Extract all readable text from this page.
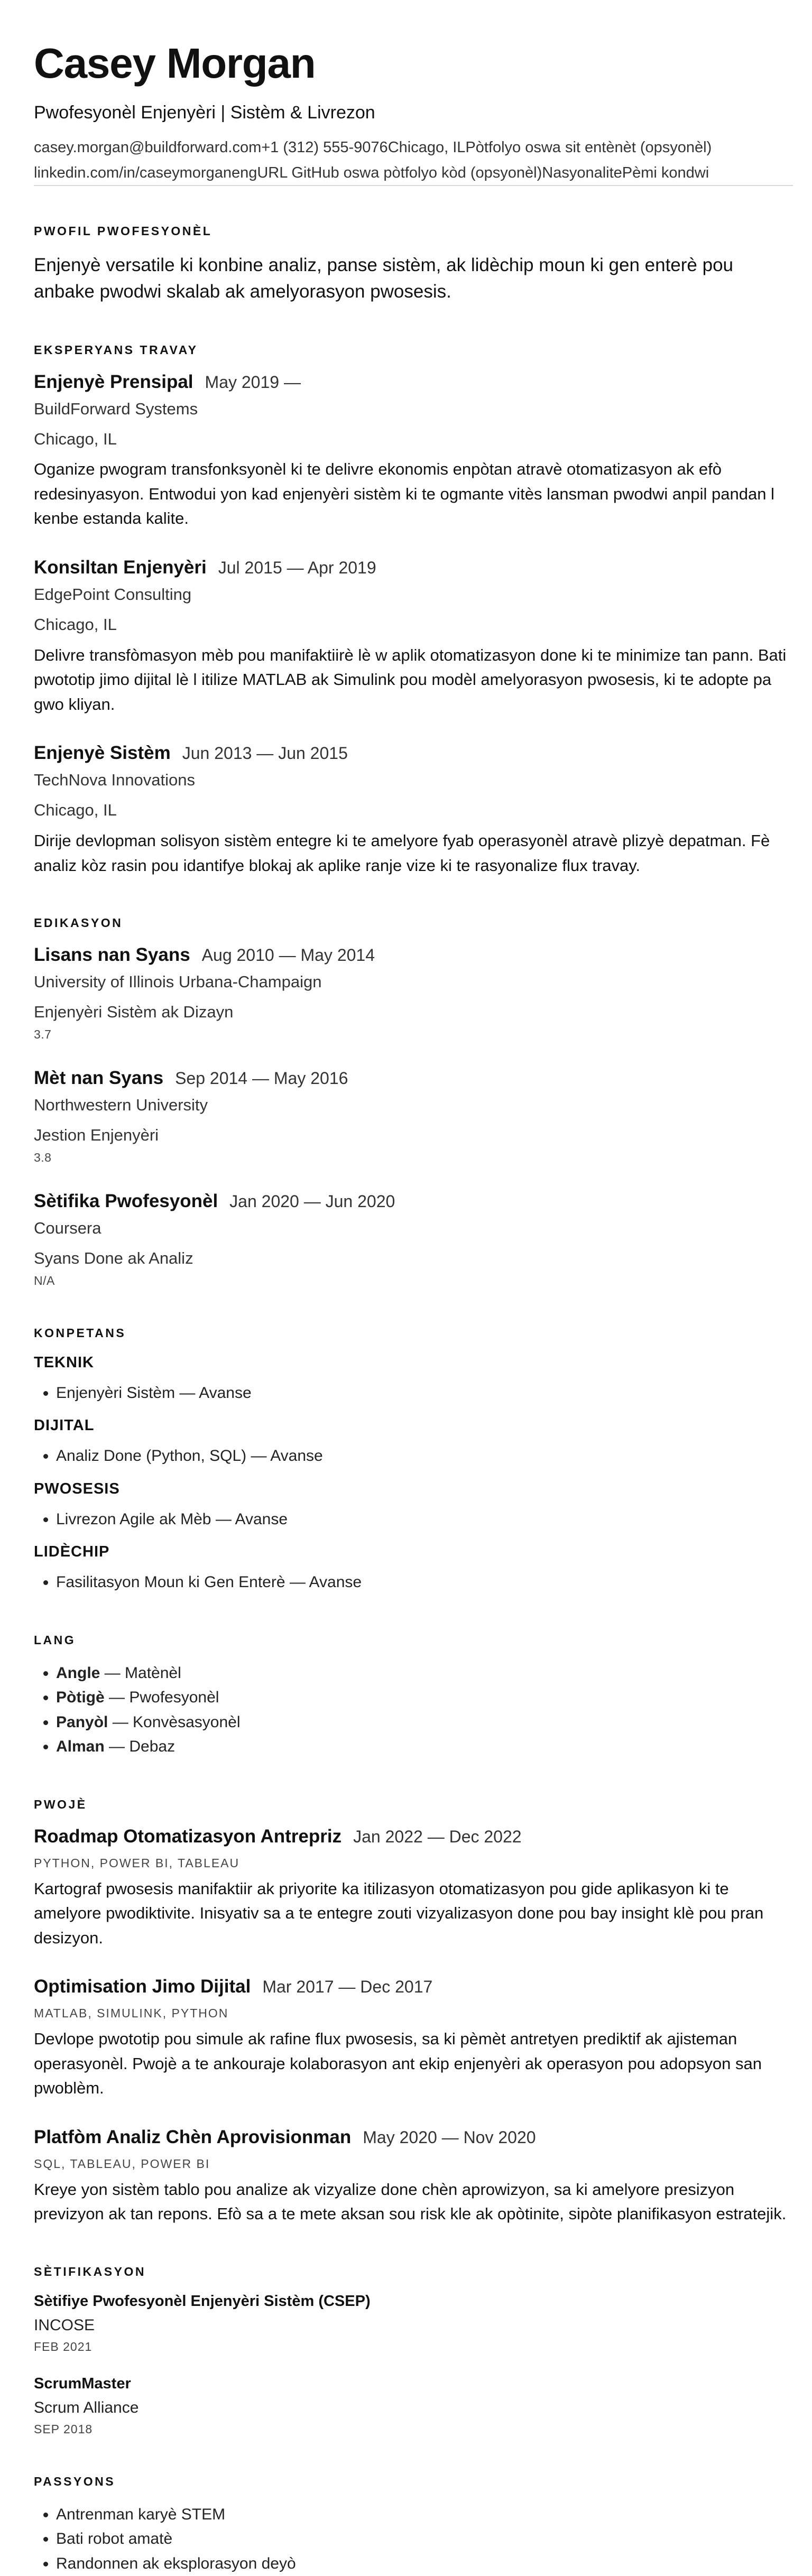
Casey Morgan
Pwofesyonèl Enjenyèri | Sistèm & Livrezon
casey.morgan@buildforward.com+1 (312) 555-9076Chicago, ILPòtfolyo oswa sit entènèt (opsyonèl)
linkedin.com/in/caseymorganengURL GitHub oswa pòtfolyo kòd (opsyonèl)NasyonalitePèmi kondwi
PWOFIL PWOFESYONÈL
Enjenyè versatile ki konbine analiz, panse sistèm, ak lidèchip moun ki gen enterè pou anbake pwodwi skalab ak amelyorasyon pwosesis.
EKSPERYANS TRAVAY
Enjenyè Prensipal May 2019 —
BuildForward Systems
Chicago, IL
Oganize pwogram transfonksyonèl ki te delivre ekonomis enpòtan atravè otomatizasyon ak efò redesinyasyon. Entwodui yon kad enjenyèri sistèm ki te ogmante vitès lansman pwodwi anpil pandan l kenbe estanda kalite.
Konsiltan Enjenyèri Jul 2015 — Apr 2019
EdgePoint Consulting
Chicago, IL
Delivre transfòmasyon mèb pou manifaktiirè lè w aplik otomatizasyon done ki te minimize tan pann. Bati pwototip jimo dijital lè l itilize MATLAB ak Simulink pou modèl amelyorasyon pwosesis, ki te adopte pa gwo kliyan.
Enjenyè Sistèm Jun 2013 — Jun 2015
TechNova Innovations
Chicago, IL
Dirije devlopman solisyon sistèm entegre ki te amelyore fyab operasyonèl atravè plizyè depatman. Fè analiz kòz rasin pou idantifye blokaj ak aplike ranje vize ki te rasyonalize flux travay.
EDIKASYON
Lisans nan Syans Aug 2010 — May 2014
University of Illinois Urbana-Champaign
Enjenyèri Sistèm ak Dizayn
3.7
Mèt nan Syans Sep 2014 — May 2016
Northwestern University
Jestion Enjenyèri
3.8
Sètifika Pwofesyonèl Jan 2020 — Jun 2020
Coursera
Syans Done ak Analiz
N/A
KONPETANS
TEKNIK
• Enjenyèri Sistèm — Avanse
DIJITAL
• Analiz Done (Python, SQL) — Avanse
PWOSESIS
• Livrezon Agile ak Mèb — Avanse
LIDÈCHIP
• Fasilitasyon Moun ki Gen Enterè — Avanse
LANG
• Angle — Matènèl
• Pòtigè — Pwofesyonèl
• Panyòl — Konvèsasyonèl
• Alman — Debaz
PWOJÈ
Roadmap Otomatizasyon Antrepriz Jan 2022 — Dec 2022
PYTHON, POWER BI, TABLEAU
Kartograf pwosesis manifaktiir ak priyorite ka itilizasyon otomatizasyon pou gide aplikasyon ki te amelyore pwodiktivite. Inisyativ sa a te entegre zouti vizyalizasyon done pou bay insight klè pou pran desizyon.
Optimisation Jimo Dijital Mar 2017 — Dec 2017
MATLAB, SIMULINK, PYTHON
Devlope pwototip pou simule ak rafine flux pwosesis, sa ki pèmèt antretyen prediktif ak ajisteman operasyonèl. Pwojè a te ankouraje kolaborasyon ant ekip enjenyèri ak operasyon pou adopsyon san pwoblèm.
Platfòm Analiz Chèn Aprovisionman May 2020 — Nov 2020
SQL, TABLEAU, POWER BI
Kreye yon sistèm tablo pou analize ak vizyalize done chèn aprowizyon, sa ki amelyore presizyon previzyon ak tan repons. Efò sa a te mete aksan sou risk kle ak opòtinite, sipòte planifikasyon estratejik.
SÈTIFIKASYON
Sètifiye Pwofesyonèl Enjenyèri Sistèm (CSEP)
INCOSE
FEB 2021
ScrumMaster
Scrum Alliance
SEP 2018
PASSYONS
• Antrenman karyè STEM
• Bati robot amatè
• Randonnen ak eksplorasyon deyò
